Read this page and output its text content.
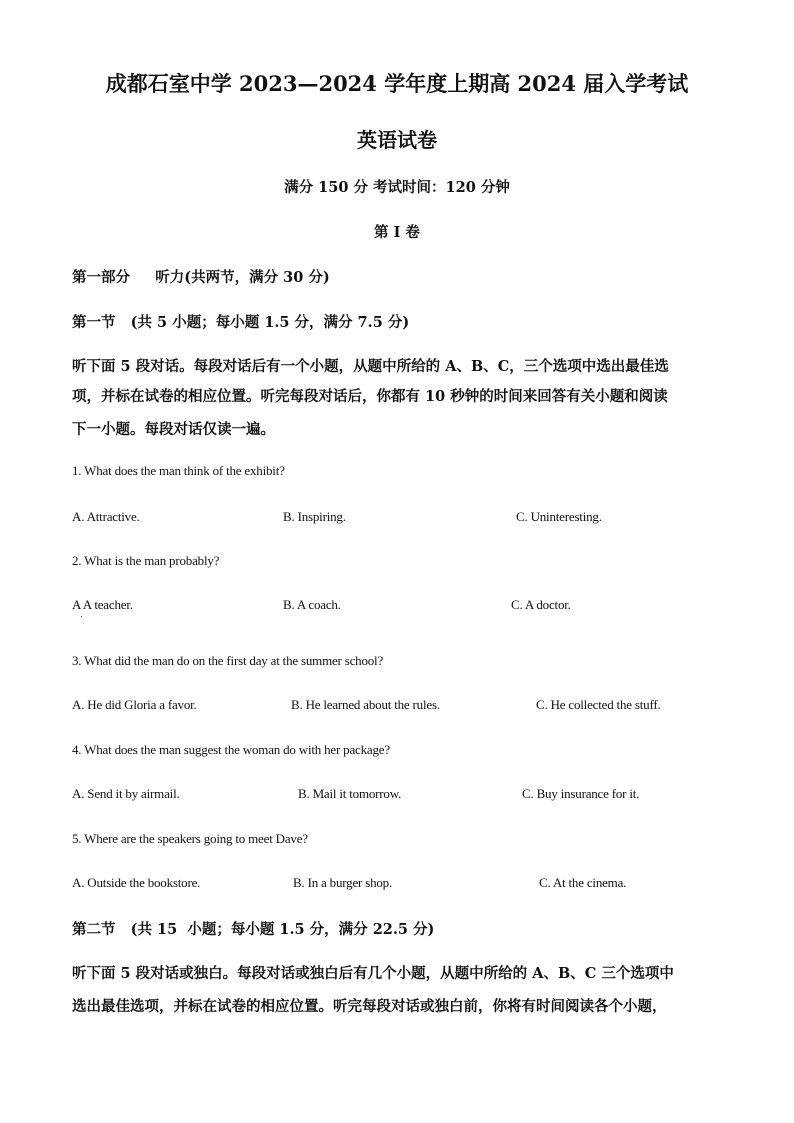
成都石室中学 2023—2024 学年度上期高 2024 届入学考试
英语试卷
满分 150 分 考试时间：120 分钟
第 I 卷
第一部分     听力(共两节，满分 30 分)
第一节   (共 5 小题；每小题 1.5 分，满分 7.5 分)
听下面 5 段对话。每段对话后有一个小题，从题中所给的 A、B、C，三个选项中选出最佳选
项，并标在试卷的相应位置。听完每段对话后，你都有 10 秒钟的时间来回答有关小题和阅读
下一小题。每段对话仅读一遍。
1. What does the man think of the exhibit?
A. Attractive.	B. Inspiring.	C. Uninteresting.
2. What is the man probably?
A A teacher.	B. A coach.	C. A doctor.
3. What did the man do on the first day at the summer school?
A. He did Gloria a favor.	B. He learned about the rules.	C. He collected the stuff.
4. What does the man suggest the woman do with her package?
A. Send it by airmail.	B. Mail it tomorrow.	C. Buy insurance for it.
5. Where are the speakers going to meet Dave?
A. Outside the bookstore.	B. In a burger shop.	C. At the cinema.
第二节   (共 15  小题；每小题 1.5 分，满分 22.5 分)
听下面 5 段对话或独白。每段对话或独白后有几个小题，从题中所给的 A、B、C 三个选项中
选出最佳选项，并标在试卷的相应位置。听完每段对话或独白前，你将有时间阅读各个小题，
